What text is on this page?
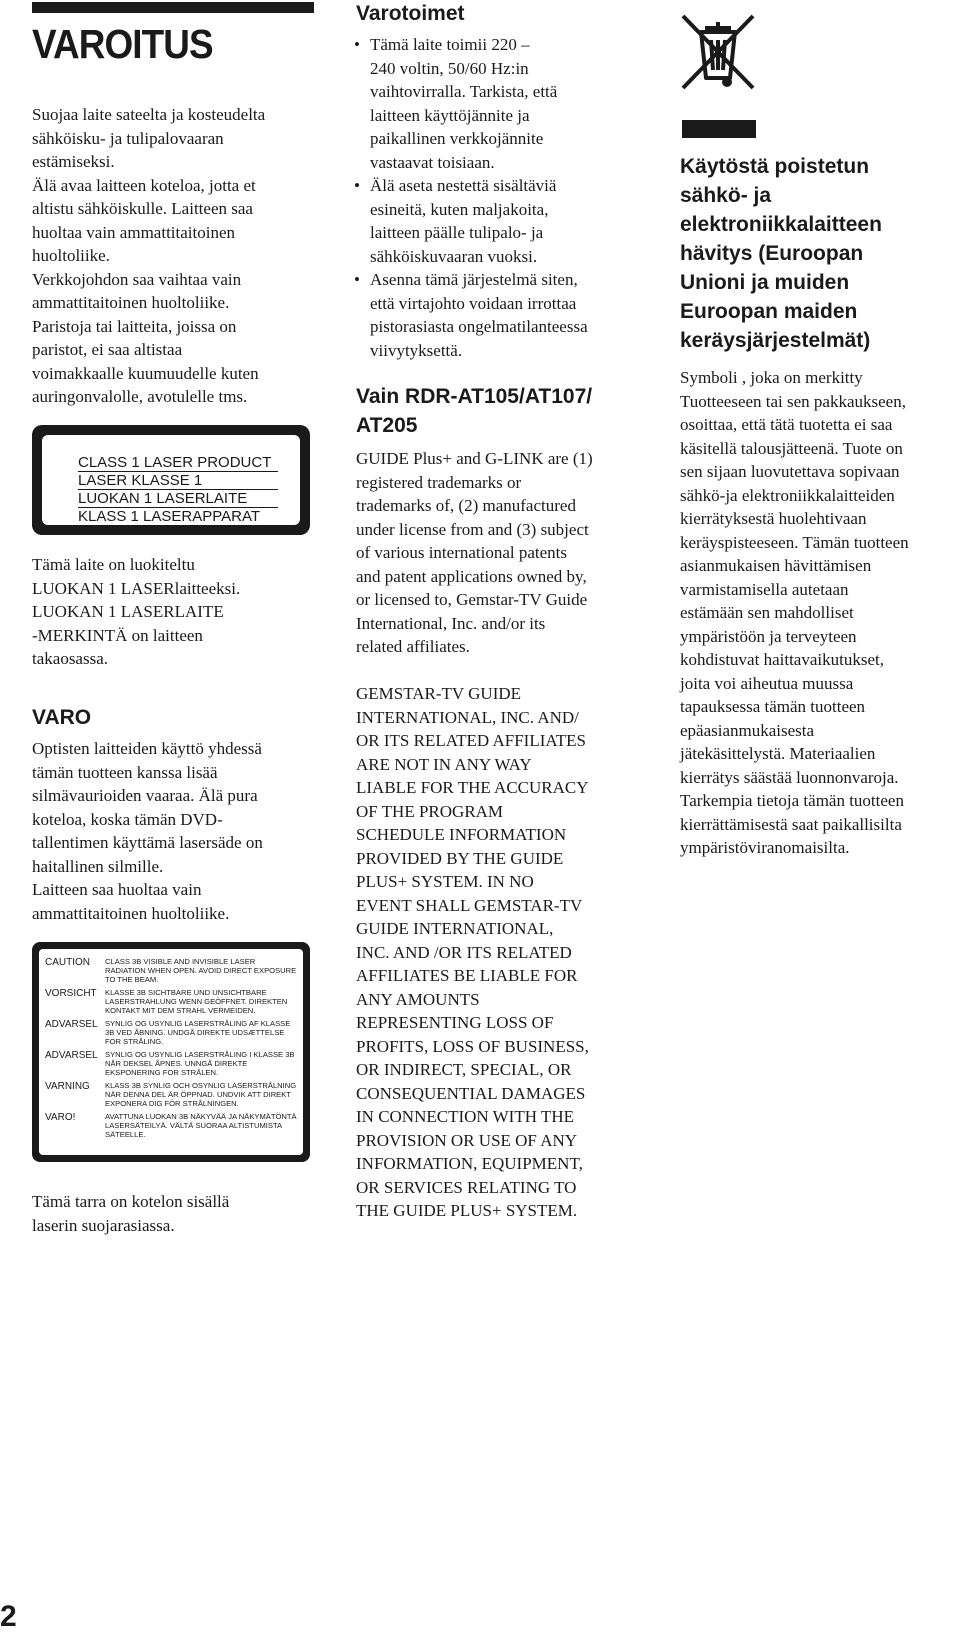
VAROITUS

Suojaa laite sateelta ja kosteudelta

sähköisku- ja tulipalovaaran

estämiseksi.

Älä avaa laitteen koteloa, jotta et

altistu sähköiskulle. Laitteen saa

huoltaa vain ammattitaitoinen

huoltoliike.

Verkkojohdon saa vaihtaa vain

ammattitaitoinen huoltoliike.

Paristoja tai laitteita, joissa on

paristot, ei saa altistaa

voimakkaalle kuumuudelle kuten

auringonvalolle, avotulelle tms.

CLASS 1 LASER PRODUCT
LASER KLASSE 1
LUOKAN 1 LASERLAITE
KLASS 1 LASERAPPARAT

Tämä laite on luokiteltu

LUOKAN 1 LASERlaitteeksi.

LUOKAN 1 LASERLAITE

-MERKINTÄ on laitteen

takaosassa.

VARO

Optisten laitteiden käyttö yhdessä

tämän tuotteen kanssa lisää

silmävaurioiden vaaraa. Älä pura

koteloa, koska tämän DVD-

tallentimen käyttämä lasersäde on

haitallinen silmille.

Laitteen saa huoltaa vain

ammattitaitoinen huoltoliike.

CAUTION	CLASS 3B VISIBLE AND INVISIBLE LASER RADIATION WHEN OPEN. AVOID DIRECT EXPOSURE TO THE BEAM.
VORSICHT	KLASSE 3B SICHTBARE UND UNSICHTBARE LASERSTRAHLUNG WENN GEÖFFNET. DIREKTEN KONTAKT MIT DEM STRAHL VERMEIDEN.
ADVARSEL SYNLIG OG USYNLIG LASERSTRÅLING AF KLASSE 3B VED ÅBNING. UNDGÅ DIREKTE UDSÆTTELSE FOR STRÅLING.
ADVARSEL SYNLIG OG USYNLIG LASERSTRÅLING I KLASSE 3B NÅR DEKSEL ÅPNES. UNNGÅ DIREKTE EKSPONERING FOR STRÅLEN.
VARNING	KLASS 3B SYNLIG OCH OSYNLIG LASERSTRÅLNING NÄR DENNA DEL ÄR ÖPPNAD. UNDVIK ATT DIREKT EXPONERA DIG FÖR STRÅLNINGEN.
VARO!	AVATTUNA LUOKAN 3B NÄKYVÄÄ JA NÄKYMÄTÖNTÄ LASERSÄTEILYÄ. VÄLTÄ SUORAA ALTISTUMISTA SÄTEELLE.

Tämä tarra on kotelon sisällä

laserin suojarasiassa.

Varotoimet
• Tämä laite toimii 220 –
240 voltin, 50/60 Hz:in
vaihtovirralla. Tarkista, että
laitteen käyttöjännite ja
paikallinen verkkojännite
vastaavat toisiaan.
• Älä aseta nestettä sisältäviä
esineitä, kuten maljakoita,
laitteen päälle tulipalo- ja
sähköiskuvaaran vuoksi.
• Asenna tämä järjestelmä siten,
että virtajohto voidaan irrottaa
pistorasiasta ongelmatilanteessa
viivytyksettä.
Vain RDR-AT105/AT107/
AT205

GUIDE Plus+ and G-LINK are (1)

registered trademarks or

trademarks of, (2) manufactured

under license from and (3) subject

of various international patents

and patent applications owned by,

or licensed to, Gemstar-TV Guide

International, Inc. and/or its

related affiliates.

GEMSTAR-TV GUIDE

INTERNATIONAL, INC. AND/

OR ITS RELATED AFFILIATES

ARE NOT IN ANY WAY

LIABLE FOR THE ACCURACY

OF THE PROGRAM

SCHEDULE INFORMATION

PROVIDED BY THE GUIDE

PLUS+ SYSTEM. IN NO

EVENT SHALL GEMSTAR-TV

GUIDE INTERNATIONAL,

INC. AND /OR ITS RELATED

AFFILIATES BE LIABLE FOR

ANY AMOUNTS

REPRESENTING LOSS OF

PROFITS, LOSS OF BUSINESS,

OR INDIRECT, SPECIAL, OR

CONSEQUENTIAL DAMAGES

IN CONNECTION WITH THE

PROVISION OR USE OF ANY

INFORMATION, EQUIPMENT,

OR SERVICES RELATING TO

THE GUIDE PLUS+ SYSTEM.

Käytöstä poistetun
sähkö- ja
elektroniikkalaitteen
hävitys (Euroopan
Unioni ja muiden
Euroopan maiden
keräysjärjestelmät)

Symboli , joka on merkitty

Tuotteeseen tai sen pakkaukseen,

osoittaa, että tätä tuotetta ei saa

käsitellä talousjätteenä. Tuote on

sen sijaan luovutettava sopivaan

sähkö-ja elektroniikkalaitteiden

kierrätyksestä huolehtivaan

keräyspisteeseen. Tämän tuotteen

asianmukaisen hävittämisen

varmistamisella autetaan

estämään sen mahdolliset

ympäristöön ja terveyteen

kohdistuvat haittavaikutukset,

joita voi aiheutua muussa

tapauksessa tämän tuotteen

epäasianmukaisesta

jätekäsittelystä. Materiaalien

kierrätys säästää luonnonvaroja.

Tarkempia tietoja tämän tuotteen

kierrättämisestä saat paikallisilta

ympäristöviranomaisilta.

2
